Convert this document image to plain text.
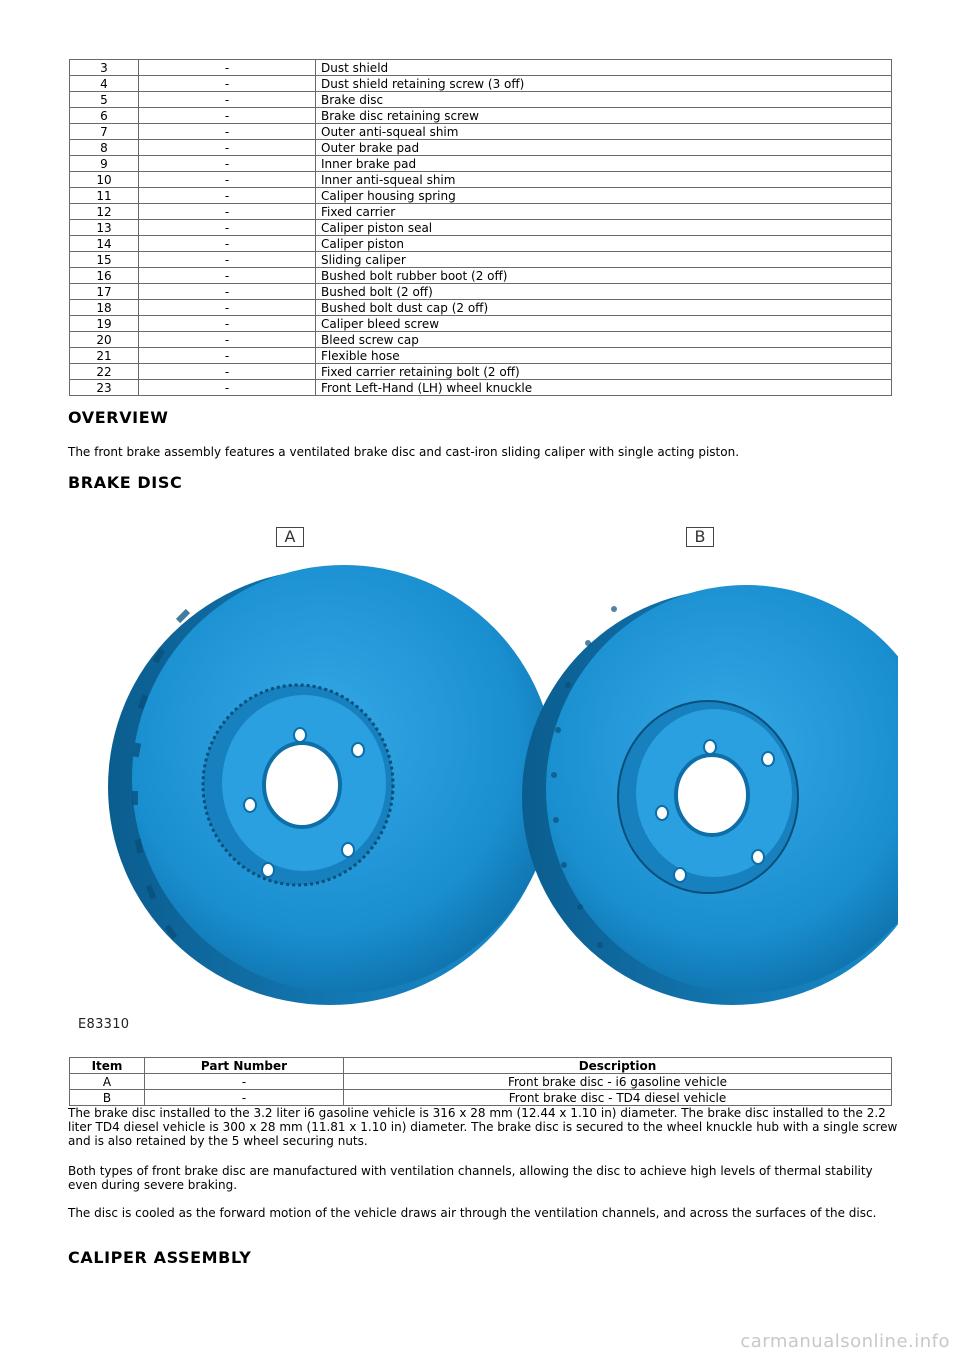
3	-	Dust shield
4	-	Dust shield retaining screw (3 off)
5	-	Brake disc
6	-	Brake disc retaining screw
7	-	Outer anti-squeal shim
8	-	Outer brake pad
9	-	Inner brake pad
10	-	Inner anti-squeal shim
11	-	Caliper housing spring
12	-	Fixed carrier
13	-	Caliper piston seal
14	-	Caliper piston
15	-	Sliding caliper
16	-	Bushed bolt rubber boot (2 off)
17	-	Bushed bolt (2 off)
18	-	Bushed bolt dust cap (2 off)
19	-	Caliper bleed screw
20	-	Bleed screw cap
21	-	Flexible hose
22	-	Fixed carrier retaining bolt (2 off)
23	-	Front Left-Hand (LH) wheel knuckle
OVERVIEW

The front brake assembly features a ventilated brake disc and cast-iron sliding caliper with single acting piston.

BRAKE DISC
A	B
E83310
Item	Part Number	Description
A	-	Front brake disc - i6 gasoline vehicle
B	-	Front brake disc - TD4 diesel vehicle

The brake disc installed to the 3.2 liter i6 gasoline vehicle is 316 x 28 mm (12.44 x 1.10 in) diameter. The brake disc installed to the 2.2 liter TD4 diesel vehicle is 300 x 28 mm (11.81 x 1.10 in) diameter. The brake disc is secured to the wheel knuckle hub with a single screw and is also retained by the 5 wheel securing nuts.

Both types of front brake disc are manufactured with ventilation channels, allowing the disc to achieve high levels of thermal stability even during severe braking.

The disc is cooled as the forward motion of the vehicle draws air through the ventilation channels, and across the surfaces of the disc.

CALIPER ASSEMBLY
carmanualsonline.info
